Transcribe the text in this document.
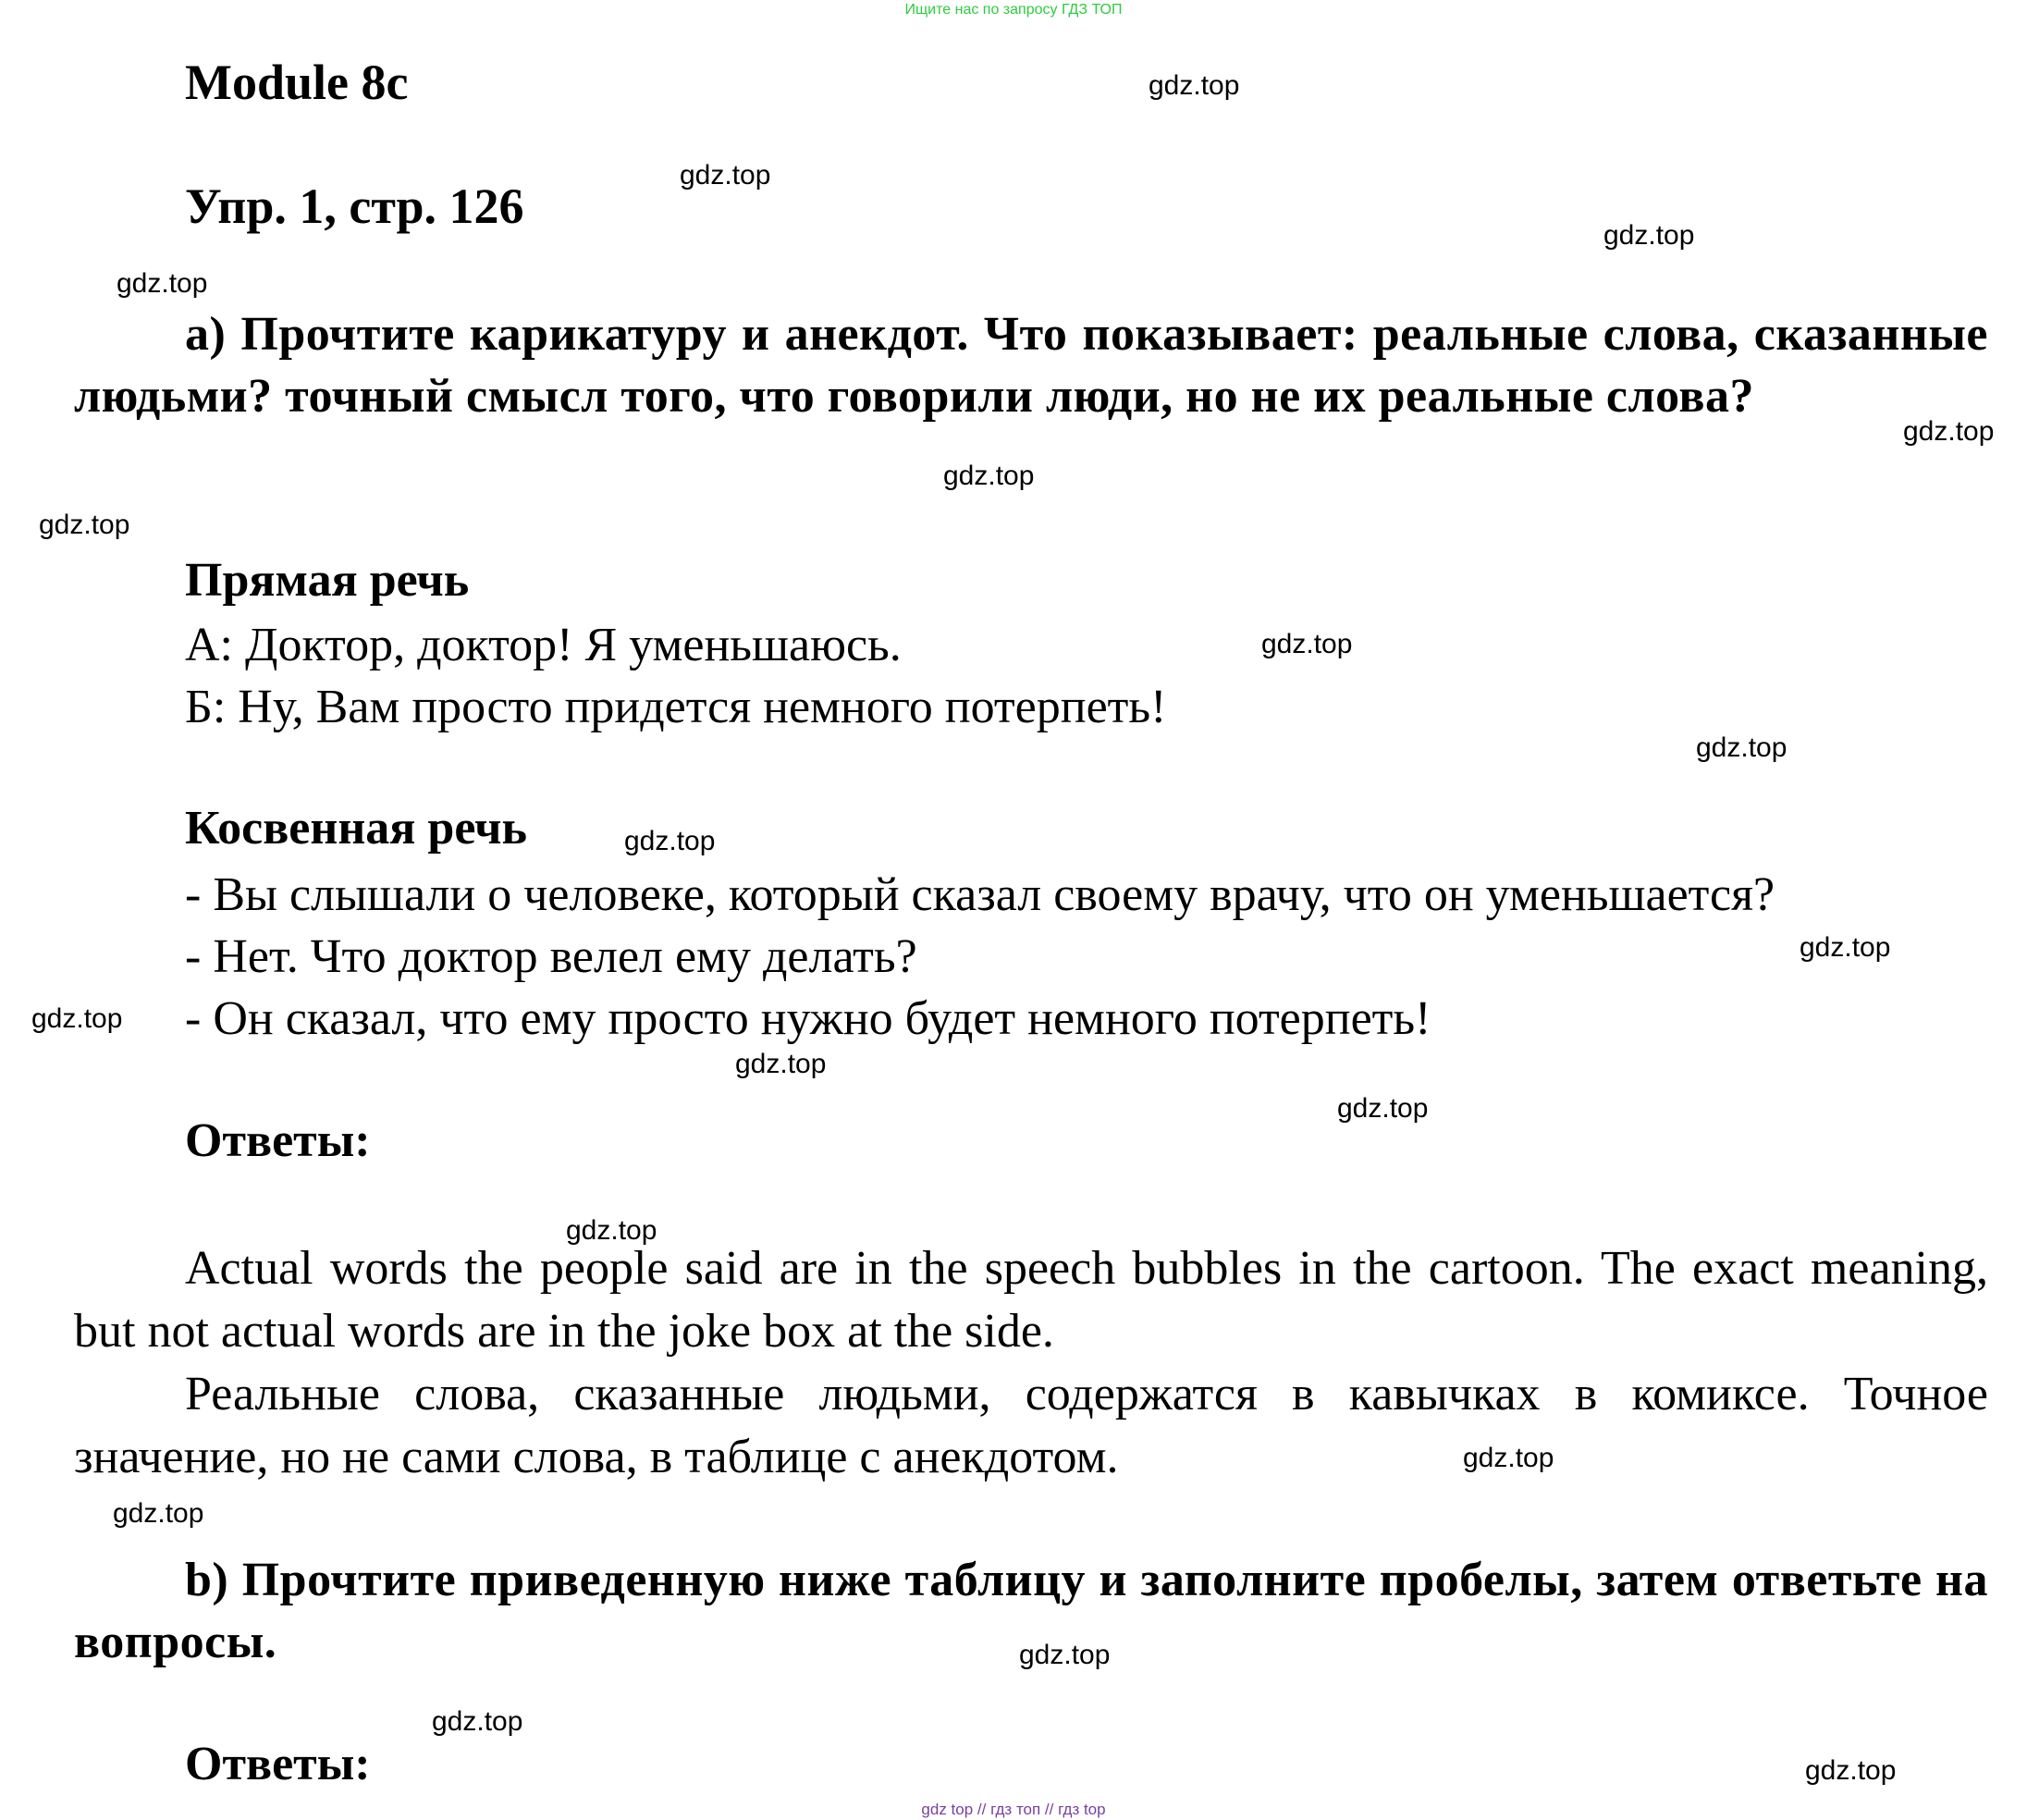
Ищите нас по запросу ГДЗ ТОП
Module 8c
Упр. 1, стр. 126
a) Прочтите карикатуру и анекдот. Что показывает: реальные слова, сказанные людьми? точный смысл того, что говорили люди, но не их реальные слова?
Прямая речь
А: Доктор, доктор! Я уменьшаюсь.
Б: Ну, Вам просто придется немного потерпеть!
Косвенная речь
- Вы слышали о человеке, который сказал своему врачу, что он уменьшается?
- Нет. Что доктор велел ему делать?
- Он сказал, что ему просто нужно будет немного потерпеть!
Ответы:
Actual words the people said are in the speech bubbles in the cartoon. The exact meaning, but not actual words are in the joke box at the side.
Реальные слова, сказанные людьми, содержатся в кавычках в комиксе. Точное значение, но не сами слова, в таблице с анекдотом.
b) Прочтите приведенную ниже таблицу и заполните пробелы, затем ответьте на вопросы.
Ответы:
gdz.top
gdz.top
gdz.top
gdz.top
gdz.top
gdz.top
gdz.top
gdz.top
gdz.top
gdz.top
gdz.top
gdz.top
gdz.top
gdz.top
gdz.top
gdz.top
gdz.top
gdz.top
gdz.top
gdz.top
gdz top // гдз топ // гдз top
